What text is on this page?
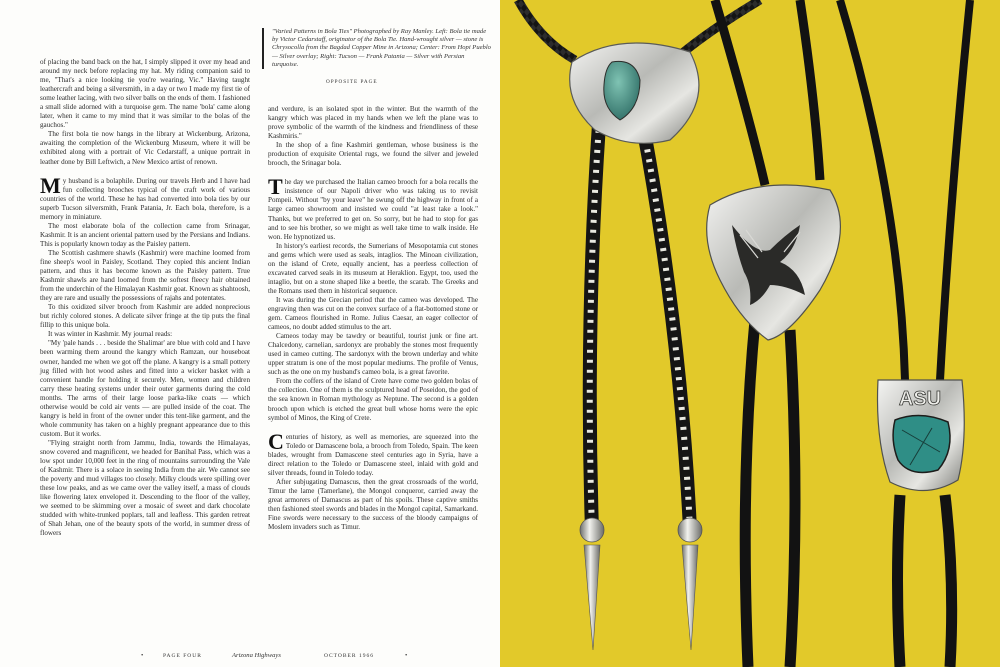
"Varied Patterns in Bola Ties" Photographed by Ray Manley. Left: Bola tie made by Victor Cedarstaff, originator of the Bola Tie. Hand-wrought silver — stone is Chrysocolla from the Bagdad Copper Mine in Arizona; Center: From Hopi Pueblo — Silver overlay; Right: Tucson — Frank Patania — Silver with Persian turquoise.
OPPOSITE PAGE

of placing the band back on the hat, I simply slipped it over my head and around my neck before replacing my hat. My riding companion said to me, "That's a nice looking tie you're wearing, Vic." Having taught leathercraft and being a silversmith, in a day or two I made my first tie of some leather lacing, with two silver balls on the ends of them. I fashioned a small slide adorned with a turquoise gem. The name 'bola' came along later, when it came to my mind that it was similar to the bolas of the gauchos."

The first bola tie now hangs in the library at Wickenburg, Arizona, awaiting the completion of the Wickenburg Museum, where it will be exhibited along with a portrait of Vic Cedarstaff, a unique portrait in leather done by Bill Leftwich, a New Mexico artist of renown.

My husband is a bolaphile. During our travels Herb and I have had fun collecting brooches typical of the craft work of various countries of the world. These he has had converted into bola ties by our superb Tucson silversmith, Frank Patania, Jr. Each bola, therefore, is a memory in miniature.

The most elaborate bola of the collection came from Srinagar, Kashmir. It is an ancient oriental pattern used by the Persians and Indians. This is popularly known today as the Paisley pattern.

The Scottish cashmere shawls (Kashmir) were machine loomed from fine sheep's wool in Paisley, Scotland. They copied this ancient Indian pattern, and thus it has become known as the Paisley pattern. True Kashmir shawls are hand loomed from the softest fleecy hair obtained from the underchin of the Himalayan Kashmir goat. Known as shahtoosh, they are rare and usually the possessions of rajahs and potentates.

To this oxidized silver brooch from Kashmir are added nonprecious but richly colored stones. A delicate silver fringe at the tip puts the final fillip to this unique bola.

It was winter in Kashmir. My journal reads:

"My 'pale hands . . . beside the Shalimar' are blue with cold and I have been warming them around the kangry which Ramzan, our houseboat owner, handed me when we got off the plane. A kangry is a small pottery jug filled with hot wood ashes and fitted into a wicker basket with a convenient handle for holding it securely. Men, women and children carry these heating systems under their outer garments during the cold months. The arms of their large loose parka-like coats — which otherwise would be cold air vents — are pulled inside of the coat. The kangry is held in front of the owner under this tent-like garment, and the whole community has taken on a highly pregnant appearance due to this custom. But it works.

"Flying straight north from Jammu, India, towards the Himalayas, snow covered and magnificent, we headed for Banihal Pass, which was a low spot under 10,000 feet in the ring of mountains surrounding the Vale of Kashmir. There is a solace in seeing India from the air. We cannot see the poverty and mud villages too closely. Milky clouds were spilling over these low peaks, and as we came over the valley itself, a mass of clouds like flowering latex enveloped it. Descending to the floor of the valley, we seemed to be skimming over a mosaic of sweet and dark chocolate studded with white-trunked poplars, tall and leafless. This garden retreat of Shah Jehan, one of the beauty spots of the world, in summer dress of flowers

and verdure, is an isolated spot in the winter. But the warmth of the kangry which was placed in my hands when we left the plane was to prove symbolic of the warmth of the kindness and friendliness of these Kashmiris."

In the shop of a fine Kashmiri gentleman, whose business is the production of exquisite Oriental rugs, we found the silver and jeweled brooch, the Srinagar bola.

The day we purchased the Italian cameo brooch for a bola recalls the insistence of our Napoli driver who was taking us to revisit Pompeii. Without "by your leave" he swung off the highway in front of a large cameo showroom and insisted we could "at least take a look." Thanks, but we preferred to get on. So sorry, but he had to stop for gas and to see his brother, so we might as well take time to walk inside. He won. He hypnotized us.

In history's earliest records, the Sumerians of Mesopotamia cut stones and gems which were used as seals, intaglios. The Minoan civilization, on the island of Crete, equally ancient, has a peerless collection of excavated carved seals in its museum at Heraklion. Egypt, too, used the intaglio, but on a stone shaped like a beetle, the scarab. The Greeks and the Romans used them in historical sequence.

It was during the Grecian period that the cameo was developed. The engraving then was cut on the convex surface of a flat-bottomed stone or gem. Cameos flourished in Rome. Julius Caesar, an eager collector of cameos, no doubt added stimulus to the art.

Cameos today may be tawdry or beautiful, tourist junk or fine art. Chalcedony, carnelian, sardonyx are probably the stones most frequently used in cameo cutting. The sardonyx with the brown underlay and white upper stratum is one of the most popular mediums. The profile of Venus, such as the one on my husband's cameo bola, is a great favorite.

From the coffers of the island of Crete have come two golden bolas of the collection. One of them is the sculptured head of Poseidon, the god of the sea known in Roman mythology as Neptune. The second is a golden brooch upon which is etched the great bull whose horns were the epic symbol of Minos, the King of Crete.

Centuries of history, as well as memories, are squeezed into the Toledo or Damascene bola, a brooch from Toledo, Spain. The keen blades, wrought from Damascene steel centuries ago in Syria, have a direct relation to the Toledo or Damascene steel, inlaid with gold and silver threads, found in Toledo today.

After subjugating Damascus, then the great crossroads of the world, Timur the lame (Tamerlane), the Mongol conqueror, carried away the great armorers of Damascus as part of his spoils. These captive smiths then fashioned steel swords and blades in the Mongol capital, Samarkand. Fine swords were necessary to the success of the bloody campaigns of Moslem invaders such as Timur.

•	PAGE FOUR	Arizona Highways	OCTOBER 1966	•
ASU
